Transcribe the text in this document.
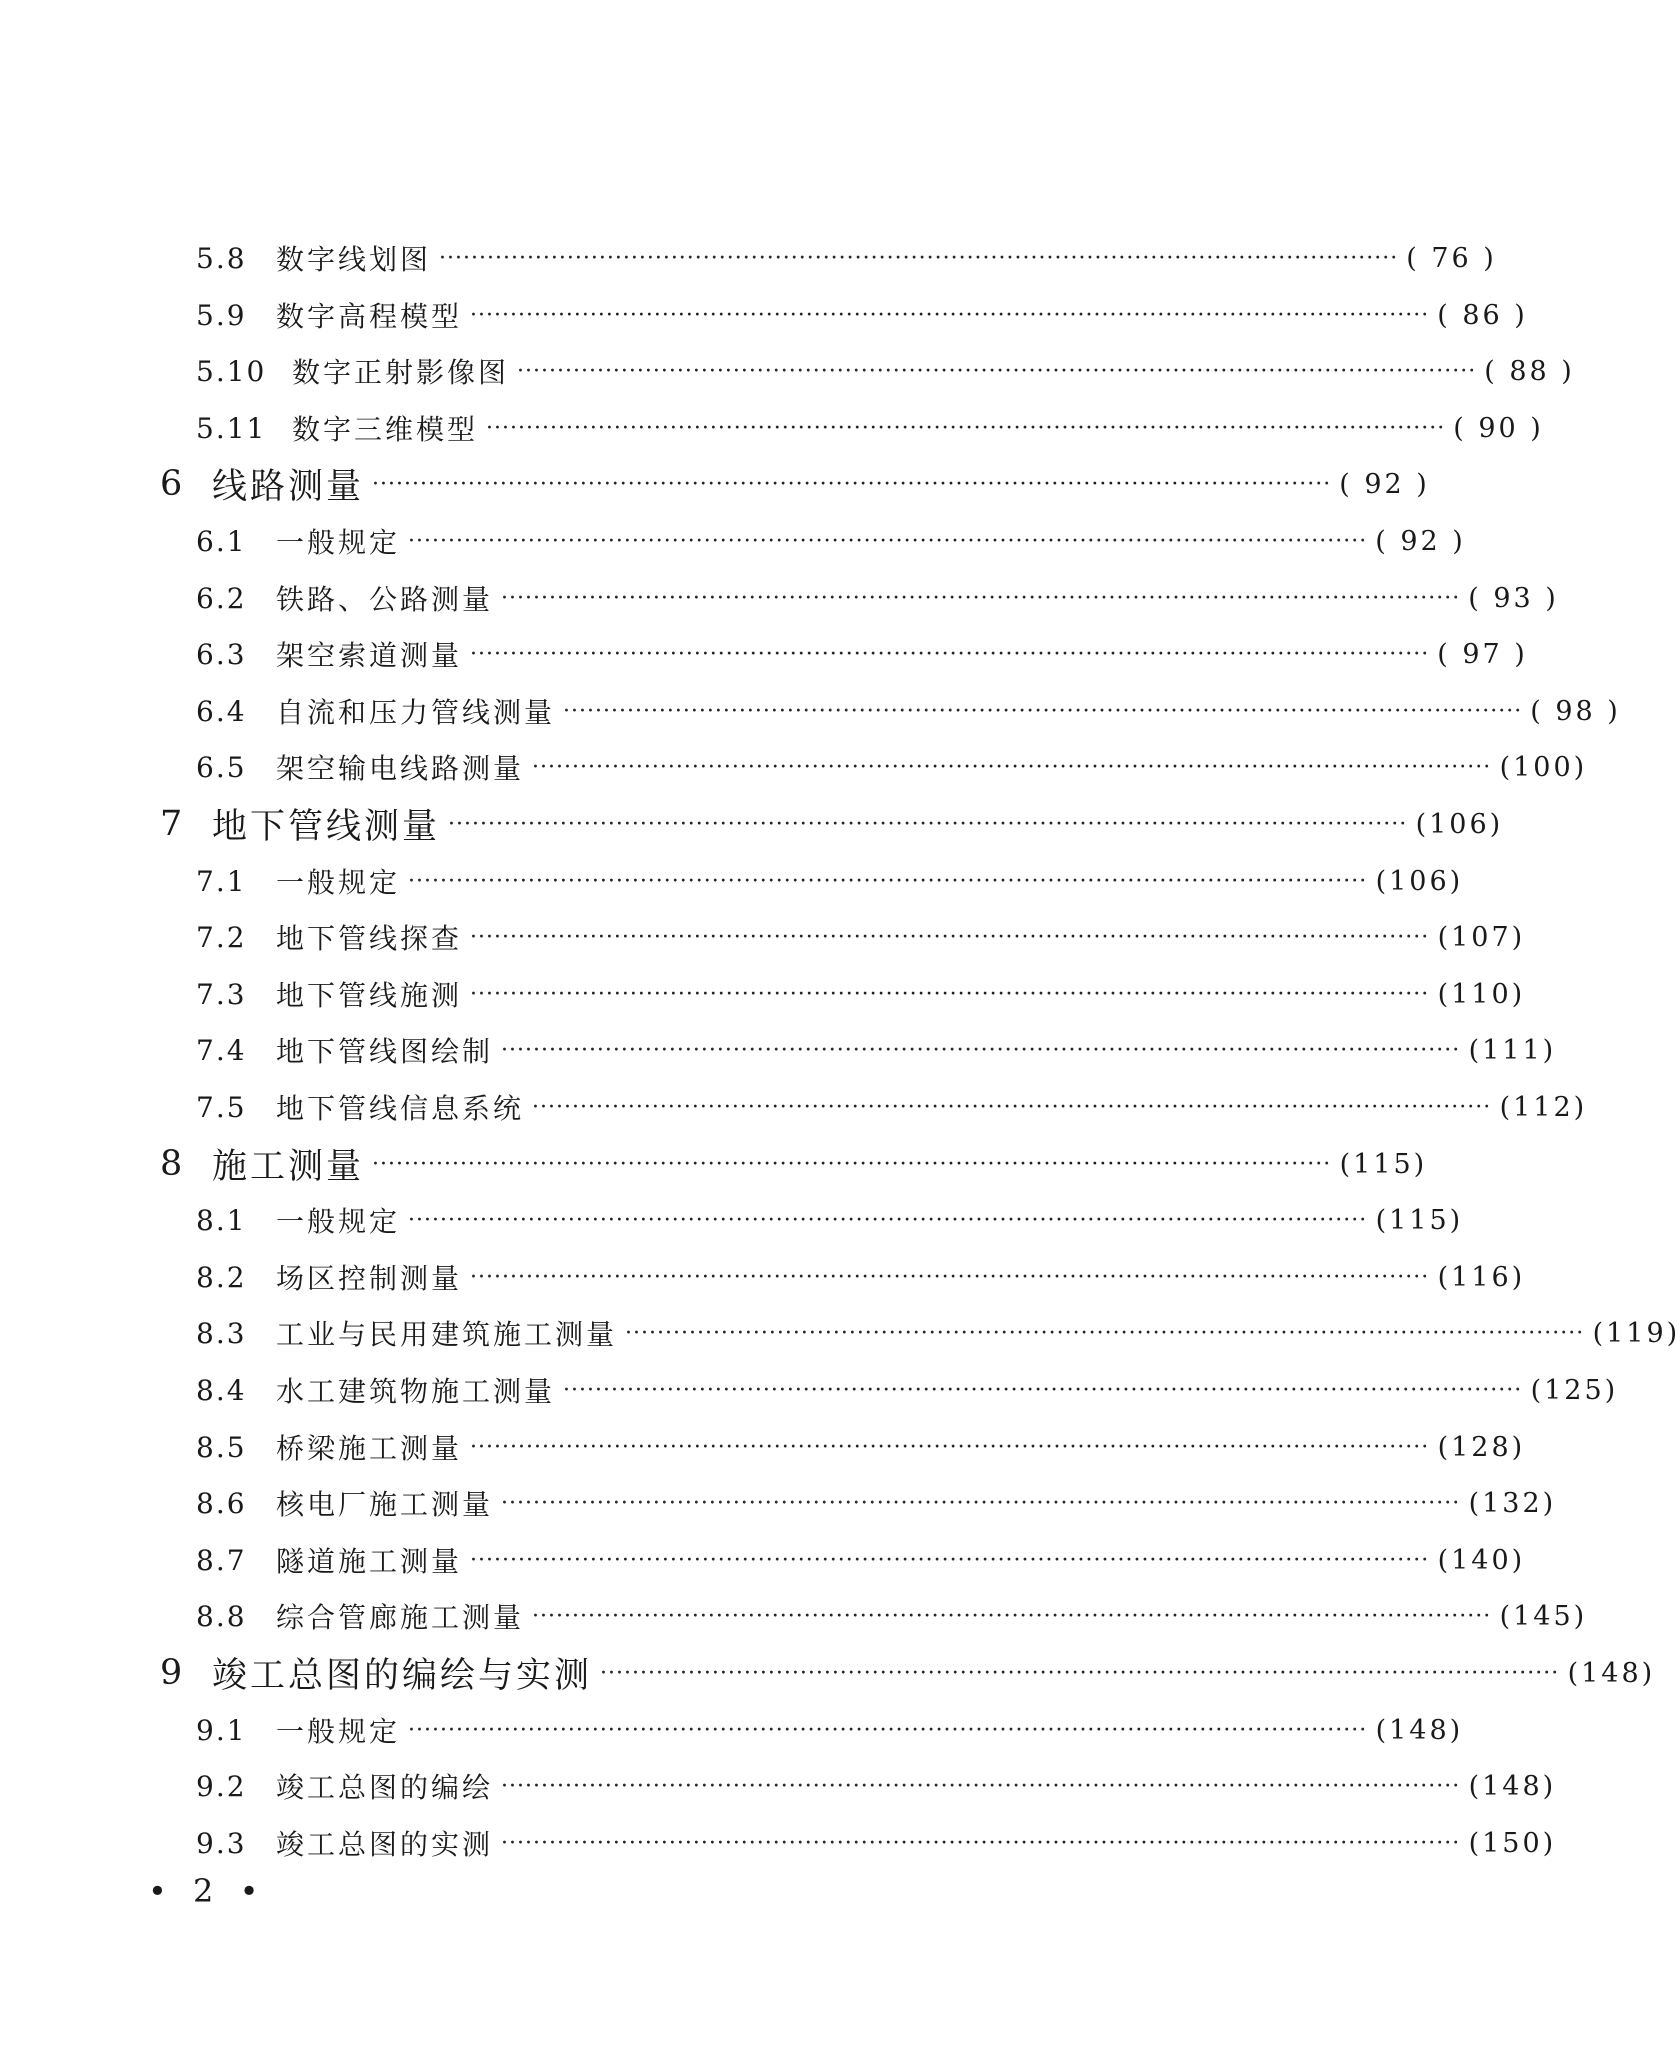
5.8	数字线划图 ························································································································ ( 76 )
5.9	数字高程模型 ························································································································ ( 86 )
5.10 数字正射影像图 ························································································································ ( 88 )
5.11 数字三维模型 ························································································································ ( 90 )
6 线路测量 ························································································································ ( 92 )
6.1	一般规定 ························································································································ ( 92 )
6.2	铁路、公路测量 ························································································································ ( 93 )
6.3	架空索道测量 ························································································································ ( 97 )
6.4	自流和压力管线测量 ························································································································ ( 98 )
6.5	架空输电线路测量 ························································································································ (100)
7 地下管线测量 ························································································································ (106)
7.1	一般规定 ························································································································ (106)
7.2	地下管线探查 ························································································································ (107)
7.3	地下管线施测 ························································································································ (110)
7.4	地下管线图绘制 ························································································································ (111)
7.5	地下管线信息系统 ························································································································ (112)
8 施工测量 ························································································································ (115)
8.1	一般规定 ························································································································ (115)
8.2	场区控制测量 ························································································································ (116)
8.3	工业与民用建筑施工测量 ························································································································ (119)
8.4	水工建筑物施工测量 ························································································································ (125)
8.5	桥梁施工测量 ························································································································ (128)
8.6	核电厂施工测量 ························································································································ (132)
8.7	隧道施工测量 ························································································································ (140)
8.8	综合管廊施工测量 ························································································································ (145)
9 竣工总图的编绘与实测 ························································································································ (148)
9.1	一般规定 ························································································································ (148)
9.2	竣工总图的编绘 ························································································································ (148)
9.3	竣工总图的实测 ························································································································ (150)
• 2 •
